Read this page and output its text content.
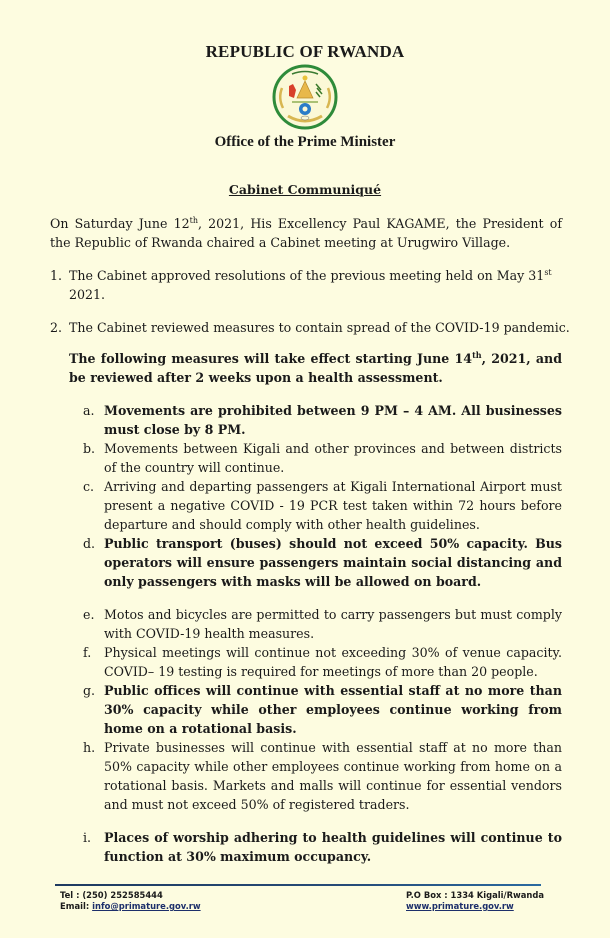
REPUBLIC OF RWANDA
Office of the Prime Minister
Cabinet Communiqué
On Saturday June 12th, 2021, His Excellency Paul KAGAME, the President of the Republic of Rwanda chaired a Cabinet meeting at Urugwiro Village.
1. The Cabinet approved resolutions of the previous meeting held on May 31st 2021.
2. The Cabinet reviewed measures to contain spread of the COVID-19 pandemic.
The following measures will take effect starting June 14th, 2021, and be reviewed after 2 weeks upon a health assessment.
a. Movements are prohibited between 9 PM – 4 AM. All businesses must close by 8 PM.
b. Movements between Kigali and other provinces and between districts of the country will continue.
c. Arriving and departing passengers at Kigali International Airport must present a negative COVID - 19 PCR test taken within 72 hours before departure and should comply with other health guidelines.
d. Public transport (buses) should not exceed 50% capacity. Bus operators will ensure passengers maintain social distancing and only passengers with masks will be allowed on board.
e. Motos and bicycles are permitted to carry passengers but must comply with COVID-19 health measures.
f.	Physical meetings will continue not exceeding 30% of venue capacity. COVID– 19 testing is required for meetings of more than 20 people.
g. Public offices will continue with essential staff at no more than 30% capacity while other employees continue working from home on a rotational basis.
h. Private businesses will continue with essential staff at no more than 50% capacity while other employees continue working from home on a rotational basis. Markets and malls will continue for essential vendors and must not exceed 50% of registered traders.
i.	Places of worship adhering to health guidelines will continue to function at 30% maximum occupancy.
Tel : (250) 252585444
Email: info@primature.gov.rw
P.O Box : 1334 Kigali/Rwanda
www.primature.gov.rw
